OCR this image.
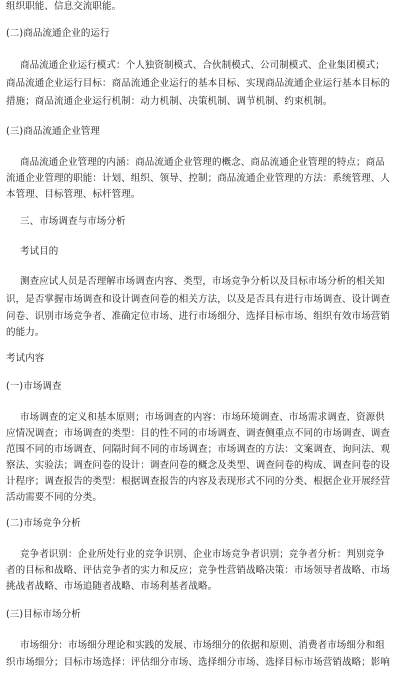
组织职能、信息交流职能。
(二)商品流通企业的运行
商品流通企业运行模式：个人独资制模式、合伙制模式、公司制模式、企业集团模式；
商品流通企业运行目标：商品流通企业运行的基本目标、实现商品流通企业运行基本目标的
措施；商品流通企业运行机制：动力机制、决策机制、调节机制、约束机制。
(三)商品流通企业管理
商品流通企业管理的内涵：商品流通企业管理的概念、商品流通企业管理的特点；商品
流通企业管理的职能：计划、组织、领导、控制；商品流通企业管理的方法：系统管理、人
本管理、目标管理、标杆管理。
三、市场调查与市场分析
考试目的
测查应试人员是否理解市场调查内容、类型，市场竞争分析以及目标市场分析的相关知
识，是否掌握市场调查和设计调查问卷的相关方法，以及是否具有进行市场调查、设计调查
问卷、识别市场竞争者、准确定位市场、进行市场细分、选择目标市场、组织有效市场营销
的能力。
考试内容
(一)市场调查
市场调查的定义和基本原则；市场调查的内容：市场环境调查、市场需求调查、资源供
应情况调查；市场调查的类型：目的性不同的市场调查、调查侧重点不同的市场调查、调查
范围不同的市场调查、问隔时间不同的市场调查；市场调查的方法：文案调查、询问法、观
察法、实验法；调查问卷的设计：调查问卷的概念及类型、调查问卷的构成、调查问卷的设
计程序；调查报告的类型：根据调查报告的内容及表现形式不同的分类、根据企业开展经营
活动需要不同的分类。
(二)市场竞争分析
竞争者识别：企业所处行业的竞争识别、企业市场竞争者识别；竞争者分析：判别竞争
者的目标和战略、评估竞争者的实力和反应；竞争性营销战略决策：市场领导者战略、市场
挑战者战略、市场追随者战略、市场利基者战略。
(三)目标市场分析
市场细分：市场细分理论和实践的发展、市场细分的依据和原则、消费者市场细分和组
织市场细分；目标市场选择：评估细分市场、选择细分市场、选择目标市场营销战略；影响
